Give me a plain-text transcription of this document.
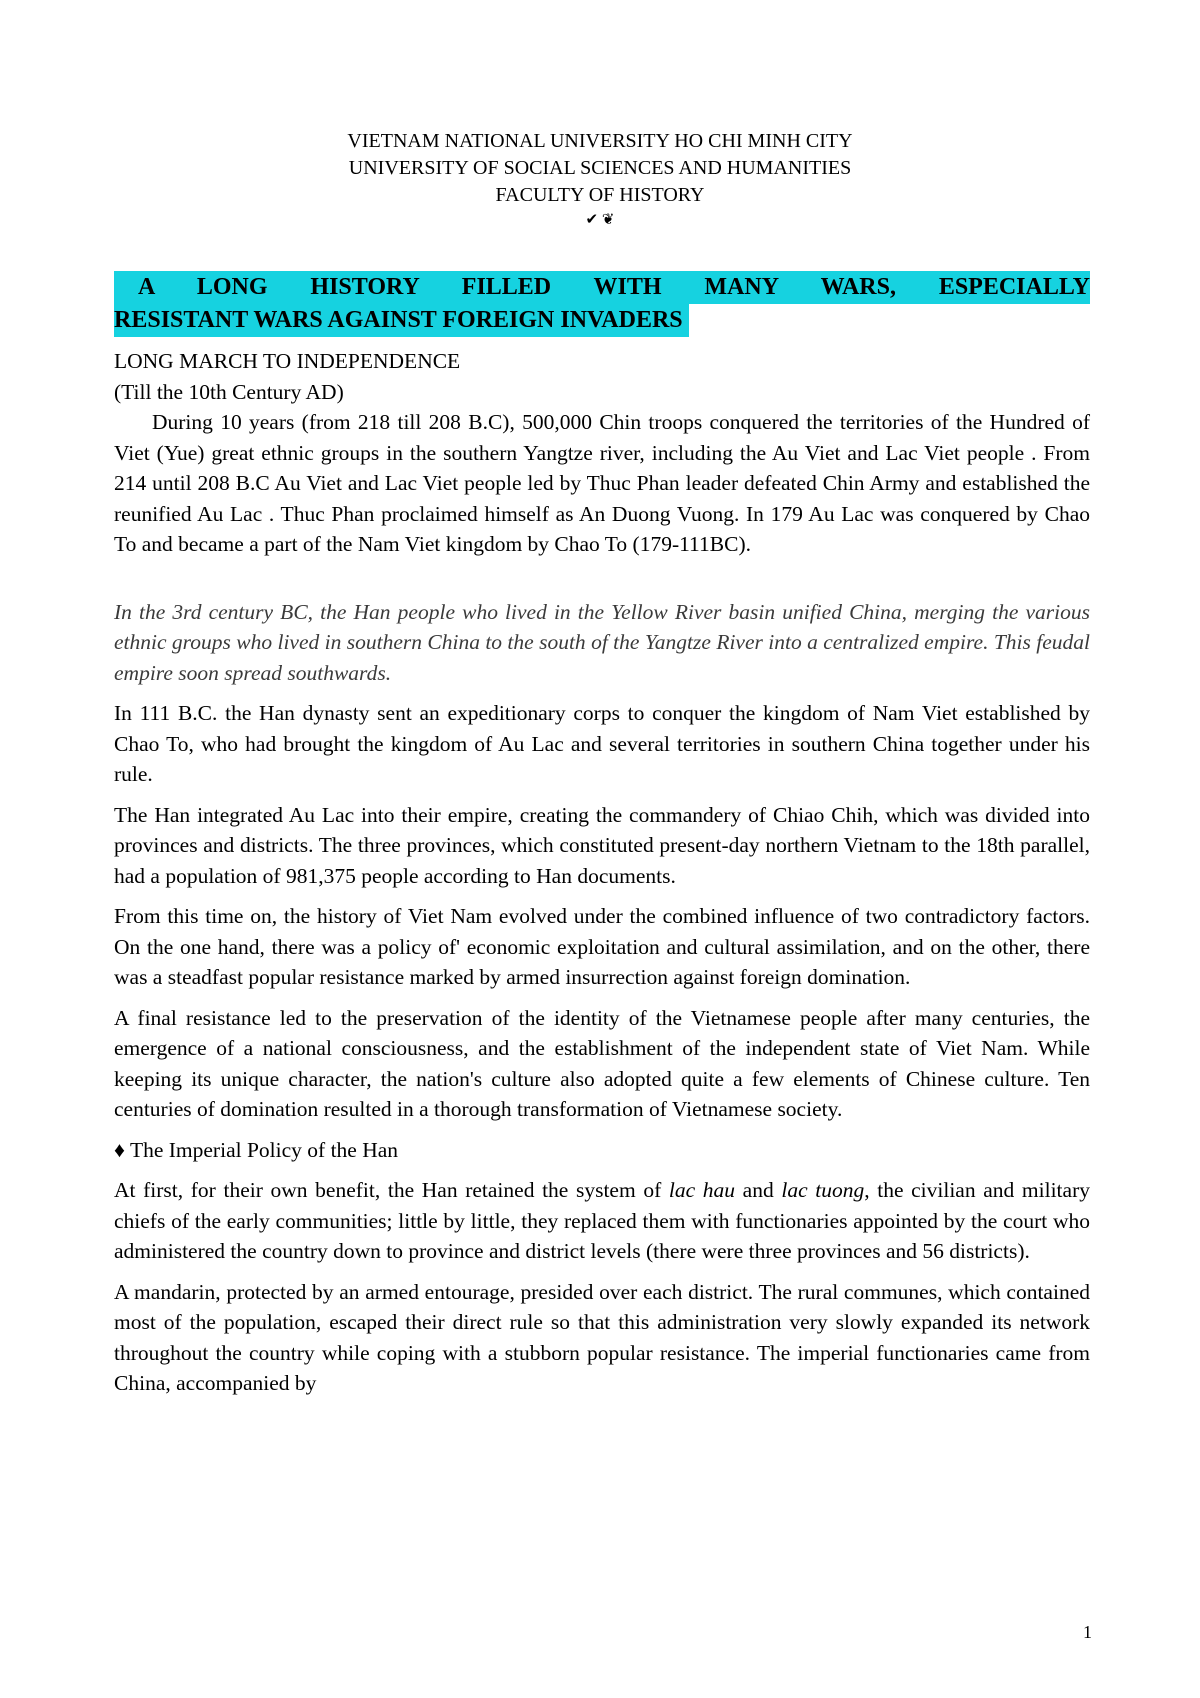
VIETNAM NATIONAL UNIVERSITY HO CHI MINH CITY
UNIVERSITY OF SOCIAL SCIENCES AND HUMANITIES
FACULTY OF HISTORY
✔ ❦
A LONG HISTORY FILLED WITH MANY WARS, ESPECIALLY
RESISTANT WARS AGAINST FOREIGN INVADERS

LONG MARCH TO INDEPENDENCE

(Till the 10th Century AD)

During 10 years (from 218 till 208 B.C), 500,000 Chin troops conquered the territories of the Hundred of Viet (Yue) great ethnic groups in the southern Yangtze river, including the Au Viet and Lac Viet people . From 214 until 208 B.C Au Viet and Lac Viet people led by Thuc Phan leader defeated Chin Army and established the reunified Au Lac . Thuc Phan proclaimed himself as An Duong Vuong. In 179 Au Lac was conquered by Chao To and became a part of the Nam Viet kingdom by Chao To (179-111BC).

In the 3rd century BC, the Han people who lived in the Yellow River basin unified China, merging the various ethnic groups who lived in southern China to the south of the Yangtze River into a centralized empire. This feudal empire soon spread southwards.

In 111 B.C. the Han dynasty sent an expeditionary corps to conquer the kingdom of Nam Viet established by Chao To, who had brought the kingdom of Au Lac and several territories in southern China together under his rule.

The Han integrated Au Lac into their empire, creating the commandery of Chiao Chih, which was divided into provinces and districts. The three provinces, which constituted present-day northern Vietnam to the 18th parallel, had a population of 981,375 people according to Han documents.

From this time on, the history of Viet Nam evolved under the combined influence of two contradictory factors. On the one hand, there was a policy of' economic exploitation and cultural assimilation, and on the other, there was a steadfast popular resistance marked by armed insurrection against foreign domination.

A final resistance led to the preservation of the identity of the Vietnamese people after many centuries, the emergence of a national consciousness, and the establishment of the independent state of Viet Nam. While keeping its unique character, the nation's culture also adopted quite a few elements of Chinese culture. Ten centuries of domination resulted in a thorough transformation of Vietnamese society.

♦ The Imperial Policy of the Han

At first, for their own benefit, the Han retained the system of lac hau and lac tuong, the civilian and military chiefs of the early communities; little by little, they replaced them with functionaries appointed by the court who administered the country down to province and district levels (there were three provinces and 56 districts).

A mandarin, protected by an armed entourage, presided over each district. The rural communes, which contained most of the population, escaped their direct rule so that this administration very slowly expanded its network throughout the country while coping with a stubborn popular resistance. The imperial functionaries came from China, accompanied by

1
